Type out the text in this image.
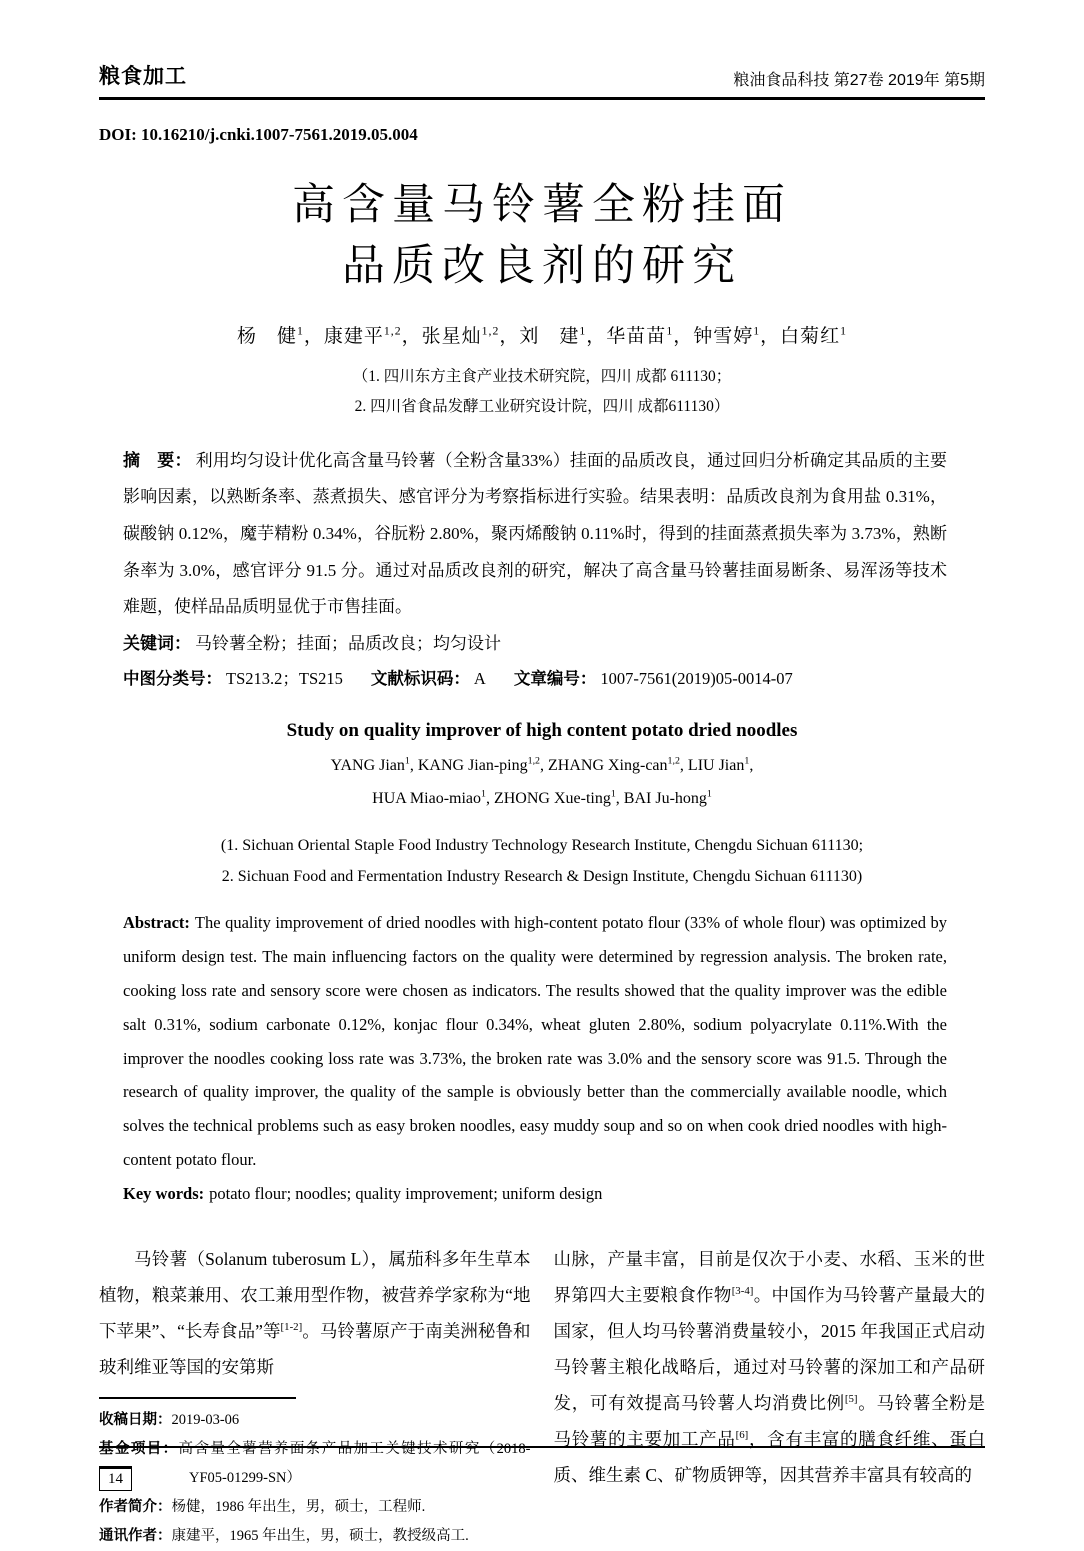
粮食加工	粮油食品科技 第27卷 2019年 第5期
DOI: 10.16210/j.cnki.1007-7561.2019.05.004
高含量马铃薯全粉挂面
品质改良剂的研究
杨　健$^1$，康建平$^{1,2}$，张星灿$^{1,2}$，刘　建$^1$，华苗苗$^1$，钟雪婷$^1$，白菊红$^1$
（1. 四川东方主食产业技术研究院，四川 成都 611130；
2. 四川省食品发酵工业研究设计院，四川 成都611130）

摘　要： 利用均匀设计优化高含量马铃薯（全粉含量33%）挂面的品质改良，通过回归分析确定其品质的主要影响因素，以熟断条率、蒸煮损失、感官评分为考察指标进行实验。结果表明：品质改良剂为食用盐 0.31%，碳酸钠 0.12%，魔芋精粉 0.34%，谷朊粉 2.80%，聚丙烯酸钠 0.11%时，得到的挂面蒸煮损失率为 3.73%，熟断条率为 3.0%，感官评分 91.5 分。通过对品质改良剂的研究，解决了高含量马铃薯挂面易断条、易浑汤等技术难题，使样品品质明显优于市售挂面。

关键词： 马铃薯全粉；挂面；品质改良；均匀设计

中图分类号： TS213.2；TS215 文献标识码： A 文章编号： 1007-7561(2019)05-0014-07

Study on quality improver of high content potato dried noodles
YANG Jian$^1$, KANG Jian-ping$^{1,2}$, ZHANG Xing-can$^{1,2}$, LIU Jian$^1$,
HUA Miao-miao$^1$, ZHONG Xue-ting$^1$, BAI Ju-hong$^1$
(1. Sichuan Oriental Staple Food Industry Technology Research Institute, Chengdu Sichuan 611130;
2. Sichuan Food and Fermentation Industry Research & Design Institute, Chengdu Sichuan 611130)

Abstract: The quality improvement of dried noodles with high-content potato flour (33% of whole flour) was optimized by uniform design test. The main influencing factors on the quality were determined by regression analysis. The broken rate, cooking loss rate and sensory score were chosen as indicators. The results showed that the quality improver was the edible salt 0.31%, sodium carbonate 0.12%, konjac flour 0.34%, wheat gluten 2.80%, sodium polyacrylate 0.11%.With the improver the noodles cooking loss rate was 3.73%, the broken rate was 3.0% and the sensory score was 91.5. Through the research of quality improver, the quality of the sample is obviously better than the commercially available noodle, which solves the technical problems such as easy broken noodles, easy muddy soup and so on when cook dried noodles with high-content potato flour.

Key words: potato flour; noodles; quality improvement; uniform design

马铃薯（Solanum tuberosum L），属茄科多年生草本植物，粮菜兼用、农工兼用型作物，被营养学家称为“地下苹果”、“长寿食品”等[1-2]。马铃薯原产于南美洲秘鲁和玻利维亚等国的安第斯

收稿日期：2019-03-06

基金项目：高含量全薯营养面条产品加工关键技术研究（2018-YF05-01299-SN）

作者简介：杨健，1986 年出生，男，硕士，工程师.

通讯作者：康建平，1965 年出生，男，硕士，教授级高工.

山脉，产量丰富，目前是仅次于小麦、水稻、玉米的世界第四大主要粮食作物[3-4]。中国作为马铃薯产量最大的国家，但人均马铃薯消费量较小，2015 年我国正式启动马铃薯主粮化战略后，通过对马铃薯的深加工和产品研发，可有效提高马铃薯人均消费比例[5]。马铃薯全粉是马铃薯的主要加工产品[6]，含有丰富的膳食纤维、蛋白质、维生素 C、矿物质钾等，因其营养丰富具有较高的

14
